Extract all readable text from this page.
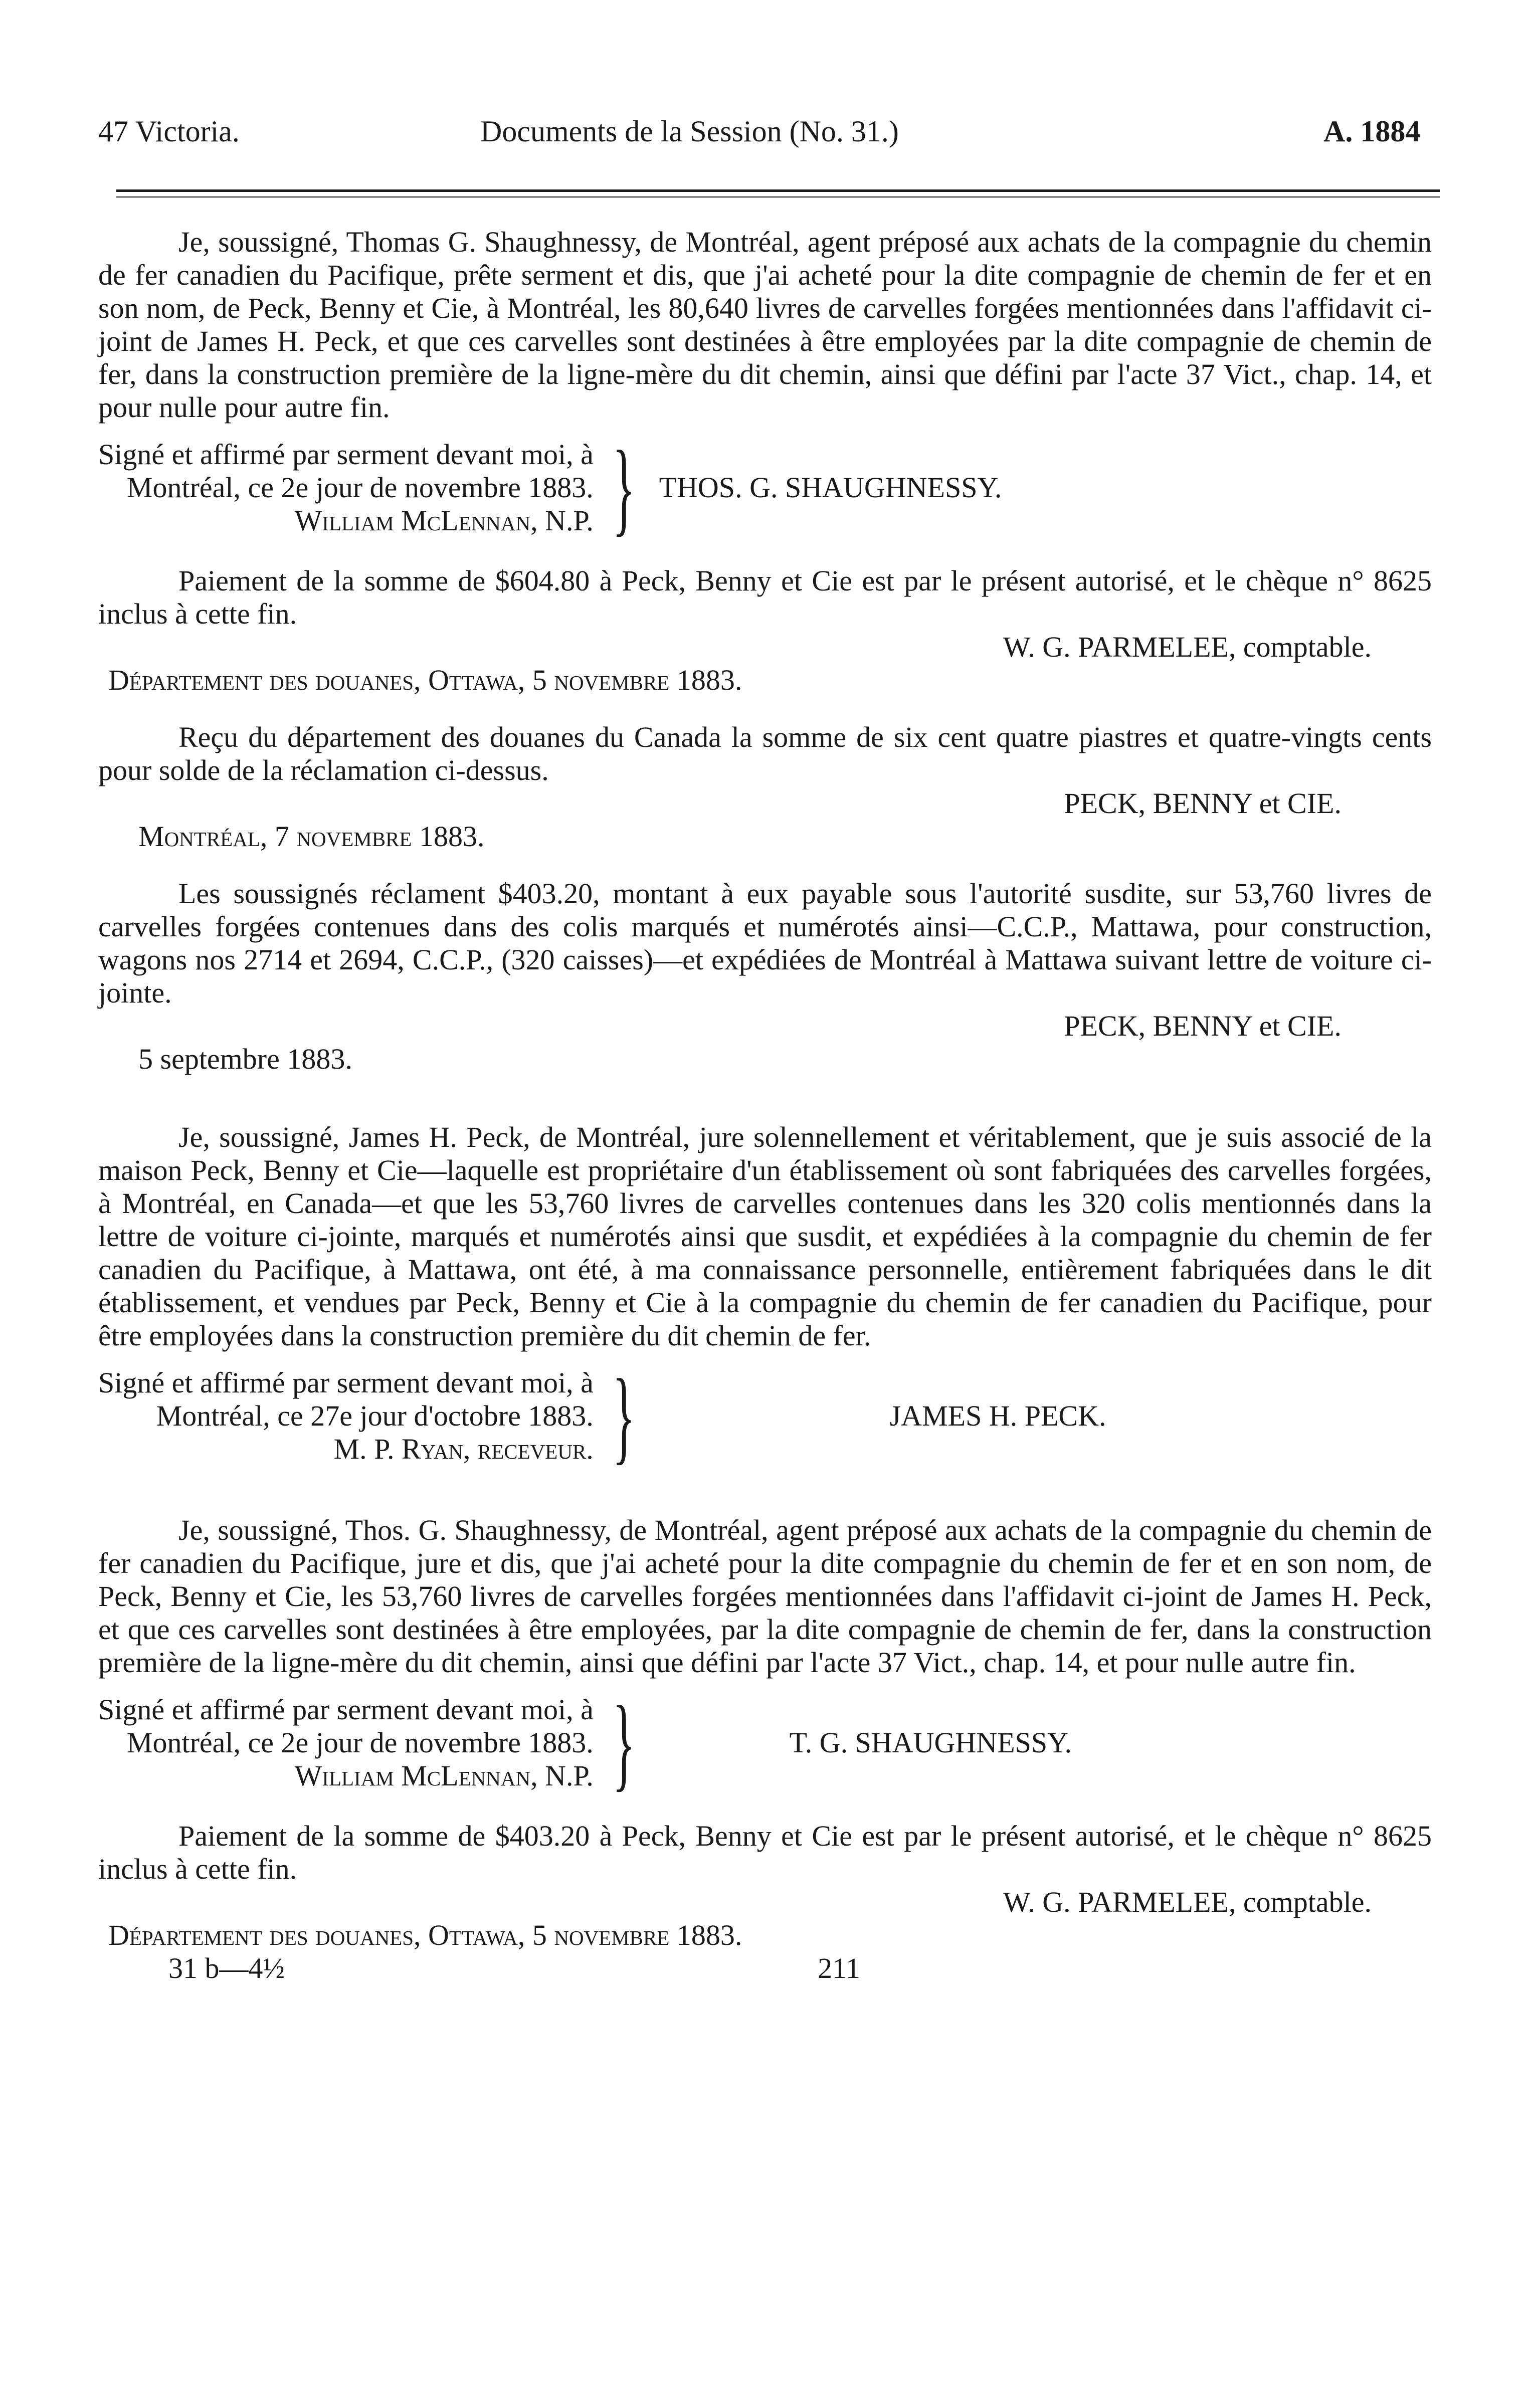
47 Victoria.	Documents de la Session (No. 31.)	A. 1884

Je, soussigné, Thomas G. Shaughnessy, de Montréal, agent préposé aux achats de la compagnie du chemin de fer canadien du Pacifique, prête serment et dis, que j'ai acheté pour la dite compagnie de chemin de fer et en son nom, de Peck, Benny et Cie, à Montréal, les 80,640 livres de carvelles forgées mentionnées dans l'affidavit ci-joint de James H. Peck, et que ces carvelles sont destinées à être employées par la dite compagnie de chemin de fer, dans la construction première de la ligne-mère du dit chemin, ainsi que défini par l'acte 37 Vict., chap. 14, et pour nulle pour autre fin.

Signé et affirmé par serment devant moi, à
Montréal, ce 2e jour de novembre 1883.
William McLennan, N.P. } THOS. G. SHAUGHNESSY.

Paiement de la somme de $604.80 à Peck, Benny et Cie est par le présent autorisé, et le chèque n° 8625 inclus à cette fin.

W. G. PARMELEE, comptable.
Département des douanes, Ottawa, 5 novembre 1883.

Reçu du département des douanes du Canada la somme de six cent quatre piastres et quatre-vingts cents pour solde de la réclamation ci-dessus.

PECK, BENNY et CIE.
Montréal, 7 novembre 1883.

Les soussignés réclament $403.20, montant à eux payable sous l'autorité susdite, sur 53,760 livres de carvelles forgées contenues dans des colis marqués et numérotés ainsi—C.C.P., Mattawa, pour construction, wagons nos 2714 et 2694, C.C.P., (320 caisses)—et expédiées de Montréal à Mattawa suivant lettre de voiture ci-jointe.

PECK, BENNY et CIE.
5 septembre 1883.

Je, soussigné, James H. Peck, de Montréal, jure solennellement et véritablement, que je suis associé de la maison Peck, Benny et Cie—laquelle est propriétaire d'un établissement où sont fabriquées des carvelles forgées, à Montréal, en Canada—et que les 53,760 livres de carvelles contenues dans les 320 colis mentionnés dans la lettre de voiture ci-jointe, marqués et numérotés ainsi que susdit, et expédiées à la compagnie du chemin de fer canadien du Pacifique, à Mattawa, ont été, à ma connaissance personnelle, entièrement fabriquées dans le dit établissement, et vendues par Peck, Benny et Cie à la compagnie du chemin de fer canadien du Pacifique, pour être employées dans la construction première du dit chemin de fer.

Signé et affirmé par serment devant moi, à
Montréal, ce 27e jour d'octobre 1883.
M. P. Ryan, receveur. }	JAMES H. PECK.

Je, soussigné, Thos. G. Shaughnessy, de Montréal, agent préposé aux achats de la compagnie du chemin de fer canadien du Pacifique, jure et dis, que j'ai acheté pour la dite compagnie du chemin de fer et en son nom, de Peck, Benny et Cie, les 53,760 livres de carvelles forgées mentionnées dans l'affidavit ci-joint de James H. Peck, et que ces carvelles sont destinées à être employées, par la dite compagnie de chemin de fer, dans la construction première de la ligne-mère du dit chemin, ainsi que défini par l'acte 37 Vict., chap. 14, et pour nulle autre fin.

Signé et affirmé par serment devant moi, à
Montréal, ce 2e jour de novembre 1883.
William McLennan, N.P. }	T. G. SHAUGHNESSY.

Paiement de la somme de $403.20 à Peck, Benny et Cie est par le présent autorisé, et le chèque n° 8625 inclus à cette fin.

W. G. PARMELEE, comptable.
Département des douanes, Ottawa, 5 novembre 1883.
31 b—4½	211
